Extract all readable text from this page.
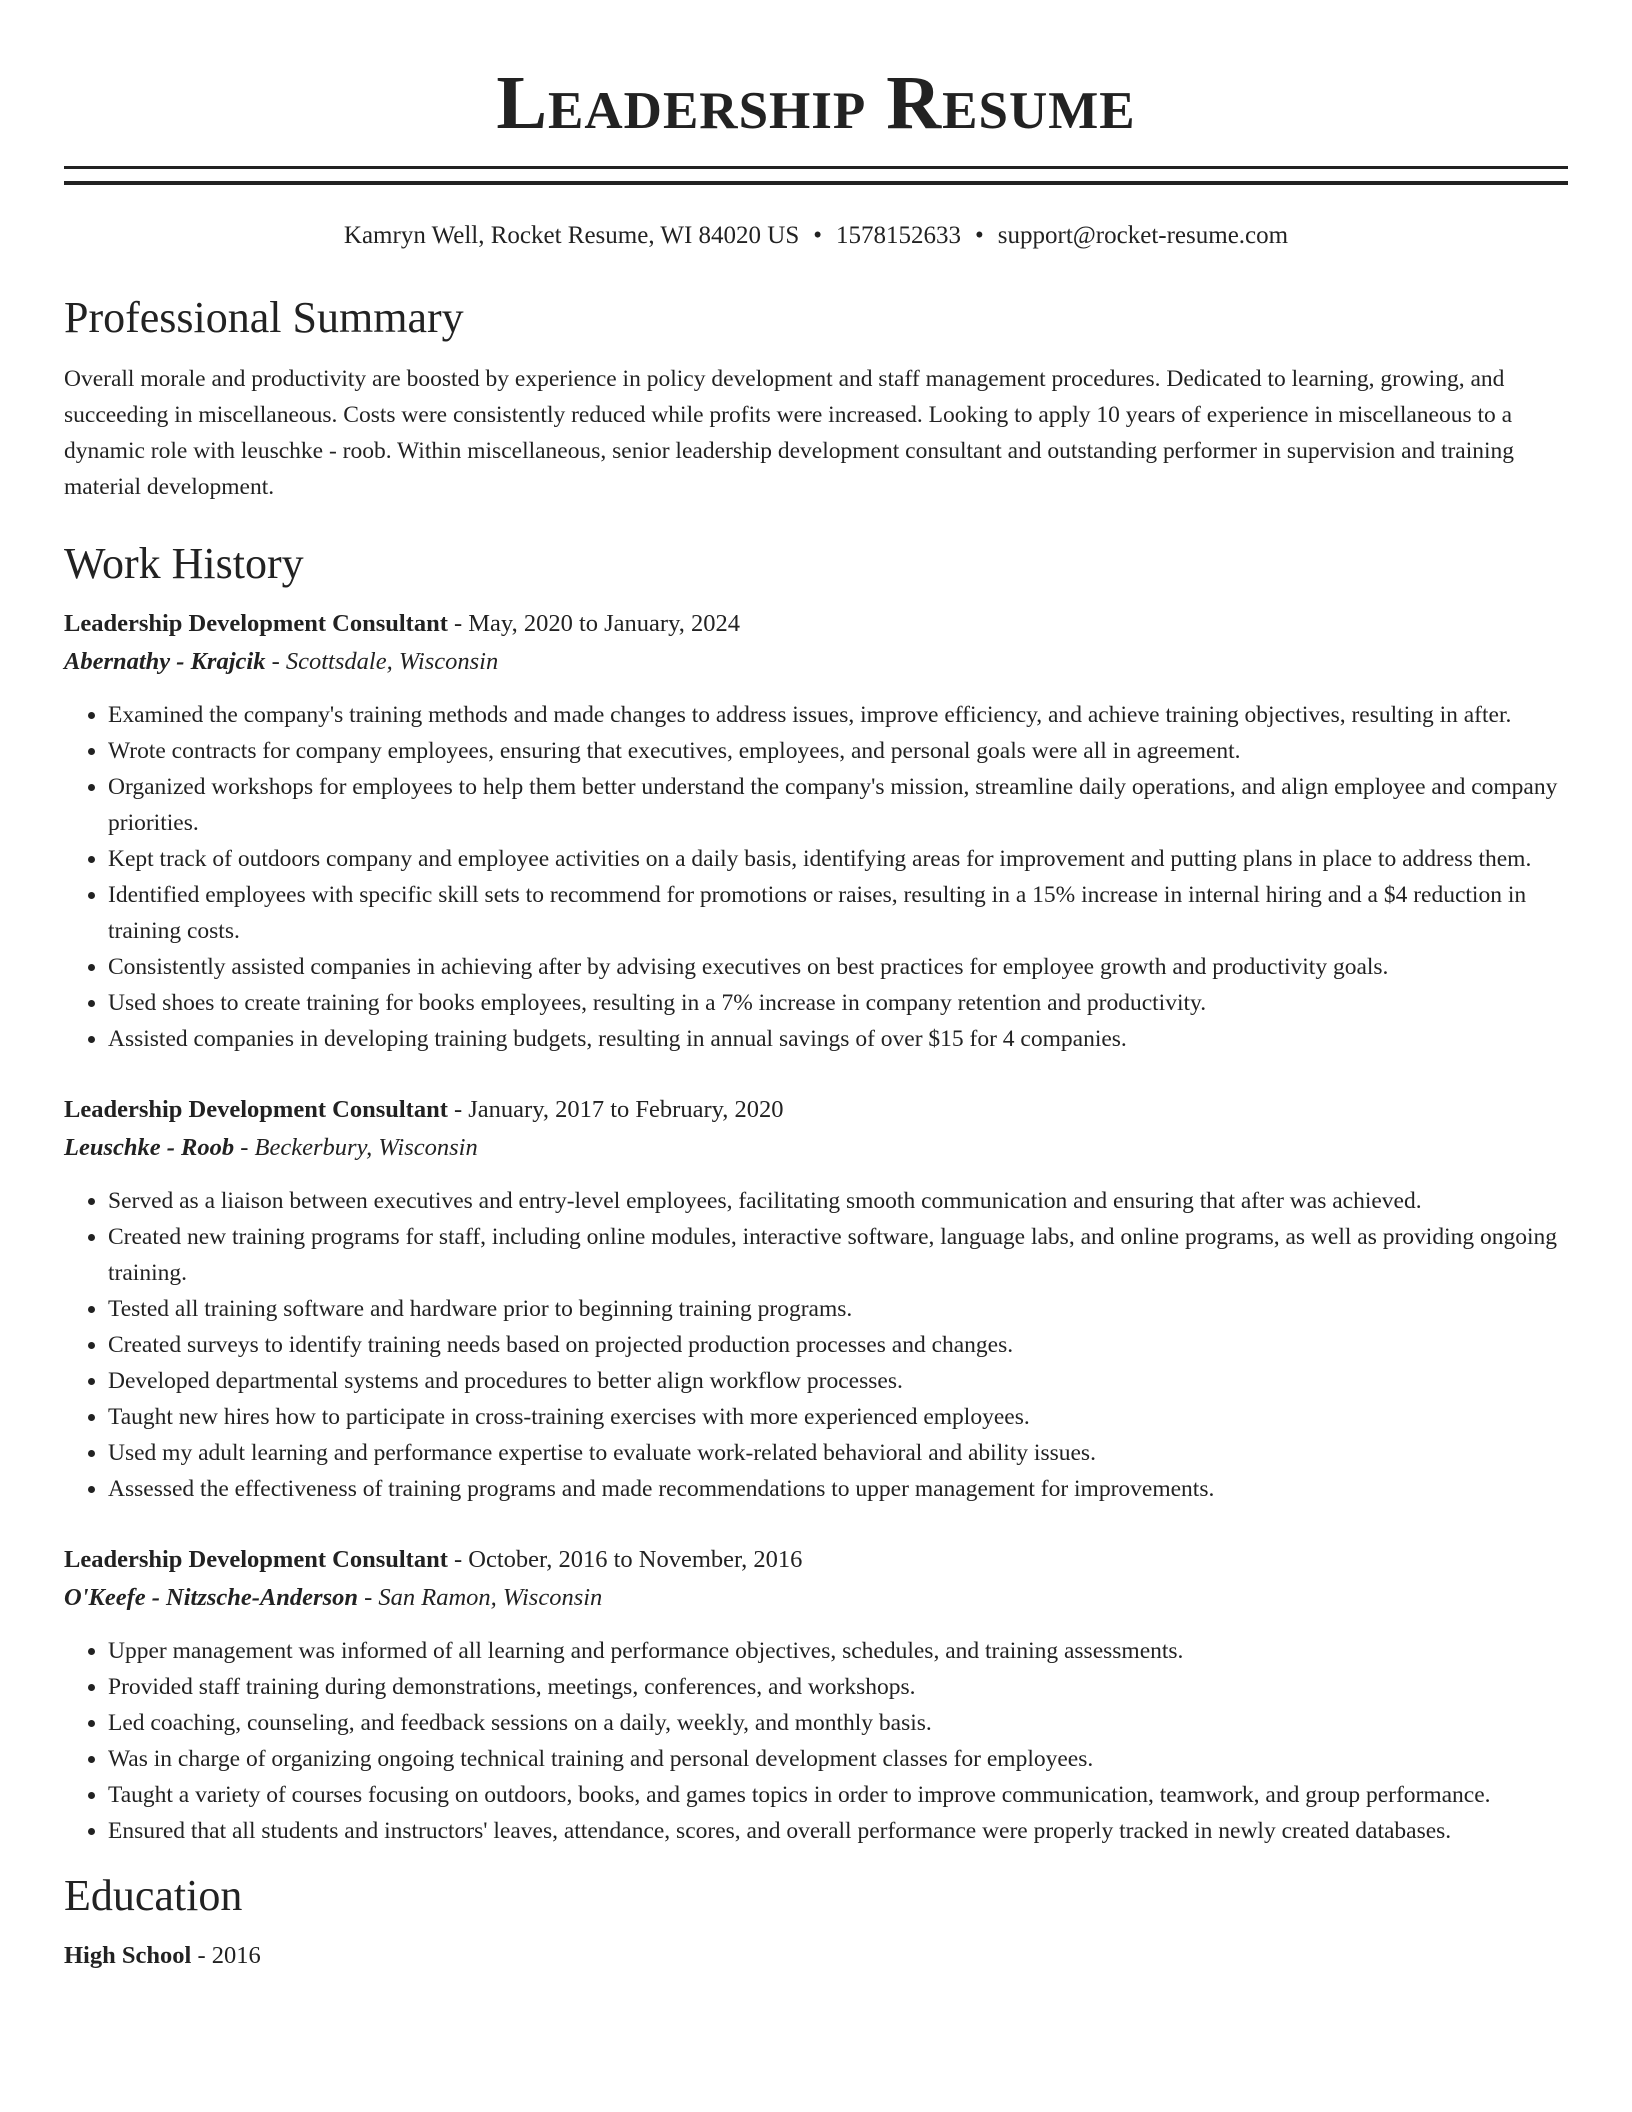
Leadership Resume
Kamryn Well, Rocket Resume, WI 84020 US • 1578152633 • support@rocket-resume.com
Professional Summary
Overall morale and productivity are boosted by experience in policy development and staff management procedures. Dedicated to learning, growing, and succeeding in miscellaneous. Costs were consistently reduced while profits were increased. Looking to apply 10 years of experience in miscellaneous to a dynamic role with leuschke - roob. Within miscellaneous, senior leadership development consultant and outstanding performer in supervision and training material development.
Work History
Leadership Development Consultant - May, 2020 to January, 2024
Abernathy - Krajcik - Scottsdale, Wisconsin
• Examined the company's training methods and made changes to address issues, improve efficiency, and achieve training objectives, resulting in after.
• Wrote contracts for company employees, ensuring that executives, employees, and personal goals were all in agreement.
• Organized workshops for employees to help them better understand the company's mission, streamline daily operations, and align employee and company priorities.
• Kept track of outdoors company and employee activities on a daily basis, identifying areas for improvement and putting plans in place to address them.
• Identified employees with specific skill sets to recommend for promotions or raises, resulting in a 15% increase in internal hiring and a $4 reduction in training costs.
• Consistently assisted companies in achieving after by advising executives on best practices for employee growth and productivity goals.
• Used shoes to create training for books employees, resulting in a 7% increase in company retention and productivity.
• Assisted companies in developing training budgets, resulting in annual savings of over $15 for 4 companies.
Leadership Development Consultant - January, 2017 to February, 2020
Leuschke - Roob - Beckerbury, Wisconsin
• Served as a liaison between executives and entry-level employees, facilitating smooth communication and ensuring that after was achieved.
• Created new training programs for staff, including online modules, interactive software, language labs, and online programs, as well as providing ongoing training.
• Tested all training software and hardware prior to beginning training programs.
• Created surveys to identify training needs based on projected production processes and changes.
• Developed departmental systems and procedures to better align workflow processes.
• Taught new hires how to participate in cross-training exercises with more experienced employees.
• Used my adult learning and performance expertise to evaluate work-related behavioral and ability issues.
• Assessed the effectiveness of training programs and made recommendations to upper management for improvements.
Leadership Development Consultant - October, 2016 to November, 2016
O'Keefe - Nitzsche-Anderson - San Ramon, Wisconsin
• Upper management was informed of all learning and performance objectives, schedules, and training assessments.
• Provided staff training during demonstrations, meetings, conferences, and workshops.
• Led coaching, counseling, and feedback sessions on a daily, weekly, and monthly basis.
• Was in charge of organizing ongoing technical training and personal development classes for employees.
• Taught a variety of courses focusing on outdoors, books, and games topics in order to improve communication, teamwork, and group performance.
• Ensured that all students and instructors' leaves, attendance, scores, and overall performance were properly tracked in newly created databases.
Education
High School - 2016
